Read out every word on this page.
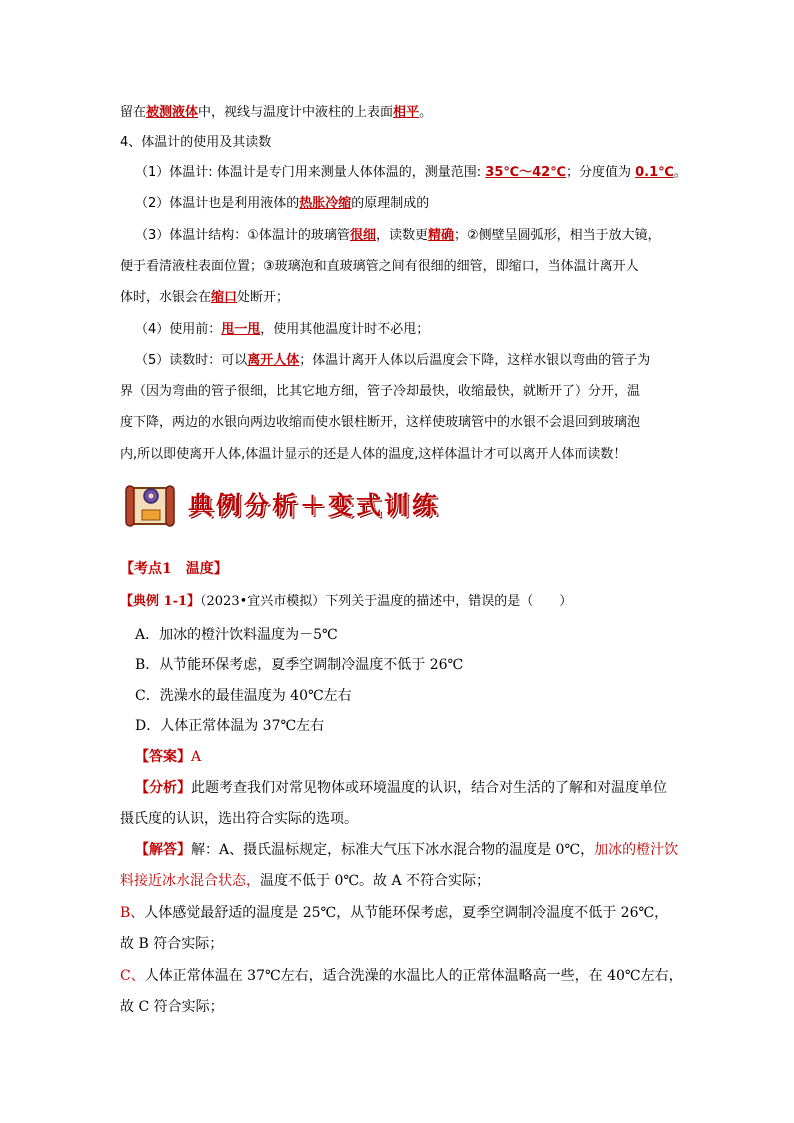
留在被测液体中，视线与温度计中液柱的上表面相平。
4、体温计的使用及其读数
（1）体温计: 体温计是专门用来测量人体体温的，测量范围: 35℃～42℃；分度值为 0.1℃。
（2）体温计也是利用液体的热胀冷缩的原理制成的
（3）体温计结构：①体温计的玻璃管很细，读数更精确；②侧壁呈圆弧形，相当于放大镜，
便于看清液柱表面位置；③玻璃泡和直玻璃管之间有很细的细管，即缩口，当体温计离开人
体时，水银会在缩口处断开；
（4）使用前：甩一甩，使用其他温度计时不必甩；
（5）读数时：可以离开人体；体温计离开人体以后温度会下降，这样水银以弯曲的管子为
界（因为弯曲的管子很细，比其它地方细，管子冷却最快，收缩最快，就断开了）分开，温
度下降，两边的水银向两边收缩而使水银柱断开，这样使玻璃管中的水银不会退回到玻璃泡
内,所以即使离开人体,体温计显示的还是人体的温度,这样体温计才可以离开人体而读数！
典例分析＋变式训练
【考点1　温度】
【典例 1-1】（2023•宜兴市模拟）下列关于温度的描述中，错误的是（　　）
A．加冰的橙汁饮料温度为－5℃
B．从节能环保考虑，夏季空调制冷温度不低于 26℃
C．洗澡水的最佳温度为 40℃左右
D．人体正常体温为 37℃左右
【答案】A
【分析】此题考查我们对常见物体或环境温度的认识，结合对生活的了解和对温度单位
摄氏度的认识，选出符合实际的选项。
【解答】解：A、摄氏温标规定，标准大气压下冰水混合物的温度是 0℃，加冰的橙汁饮
料接近冰水混合状态，温度不低于 0℃。故 A 不符合实际；
B、人体感觉最舒适的温度是 25℃，从节能环保考虑，夏季空调制冷温度不低于 26℃，
故 B 符合实际；
C、人体正常体温在 37℃左右，适合洗澡的水温比人的正常体温略高一些，在 40℃左右，
故 C 符合实际；
